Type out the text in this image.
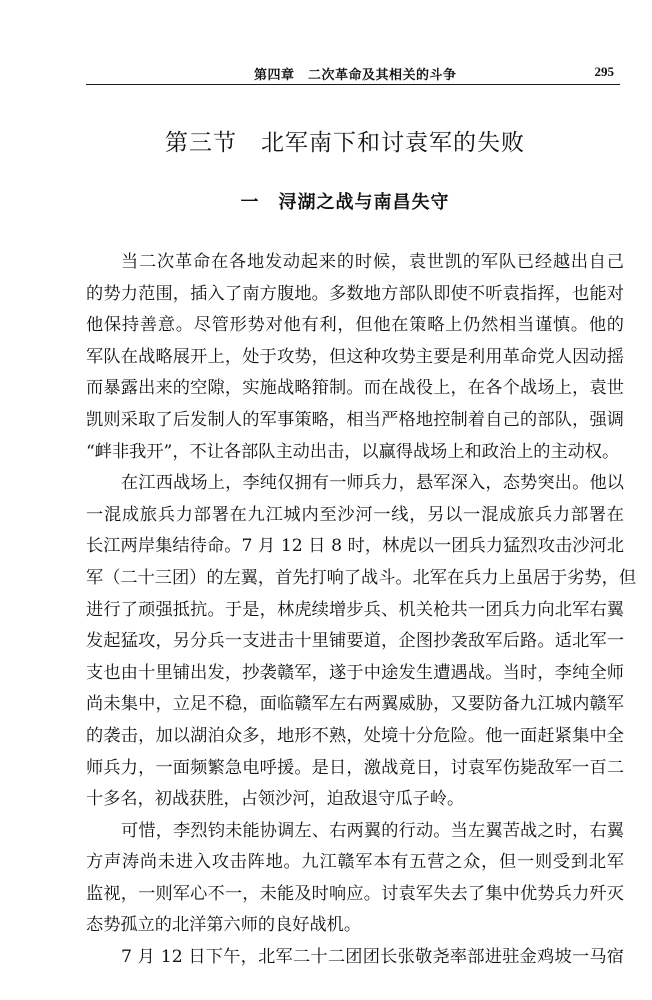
第四章　二次革命及其相关的斗争	295
第三节　北军南下和讨袁军的失败
一　浔湖之战与南昌失守
当二次革命在各地发动起来的时候，袁世凯的军队已经越出自己
的势力范围，插入了南方腹地。多数地方部队即使不听袁指挥，也能对
他保持善意。尽管形势对他有利，但他在策略上仍然相当谨慎。他的
军队在战略展开上，处于攻势，但这种攻势主要是利用革命党人因动摇
而暴露出来的空隙，实施战略箝制。而在战役上，在各个战场上，袁世
凯则采取了后发制人的军事策略，相当严格地控制着自己的部队，强调
“衅非我开”，不让各部队主动出击，以赢得战场上和政治上的主动权。
在江西战场上，李纯仅拥有一师兵力，悬军深入，态势突出。他以
一混成旅兵力部署在九江城内至沙河一线，另以一混成旅兵力部署在
长江两岸集结待命。7 月 12 日 8 时，林虎以一团兵力猛烈攻击沙河北
军（二十三团）的左翼，首先打响了战斗。北军在兵力上虽居于劣势，但
进行了顽强抵抗。于是，林虎续增步兵、机关枪共一团兵力向北军右翼
发起猛攻，另分兵一支进击十里铺要道，企图抄袭敌军后路。适北军一
支也由十里铺出发，抄袭赣军，遂于中途发生遭遇战。当时，李纯全师
尚未集中，立足不稳，面临赣军左右两翼威胁，又要防备九江城内赣军
的袭击，加以湖泊众多，地形不熟，处境十分危险。他一面赶紧集中全
师兵力，一面频繁急电呼援。是日，激战竟日，讨袁军伤毙敌军一百二
十多名，初战获胜，占领沙河，迫敌退守瓜子岭。
可惜，李烈钧未能协调左、右两翼的行动。当左翼苦战之时，右翼
方声涛尚未进入攻击阵地。九江赣军本有五营之众，但一则受到北军
监视，一则军心不一，未能及时响应。讨袁军失去了集中优势兵力歼灭
态势孤立的北洋第六师的良好战机。
7 月 12 日下午，北军二十二团团长张敬尧率部进驻金鸡坡一马宿
